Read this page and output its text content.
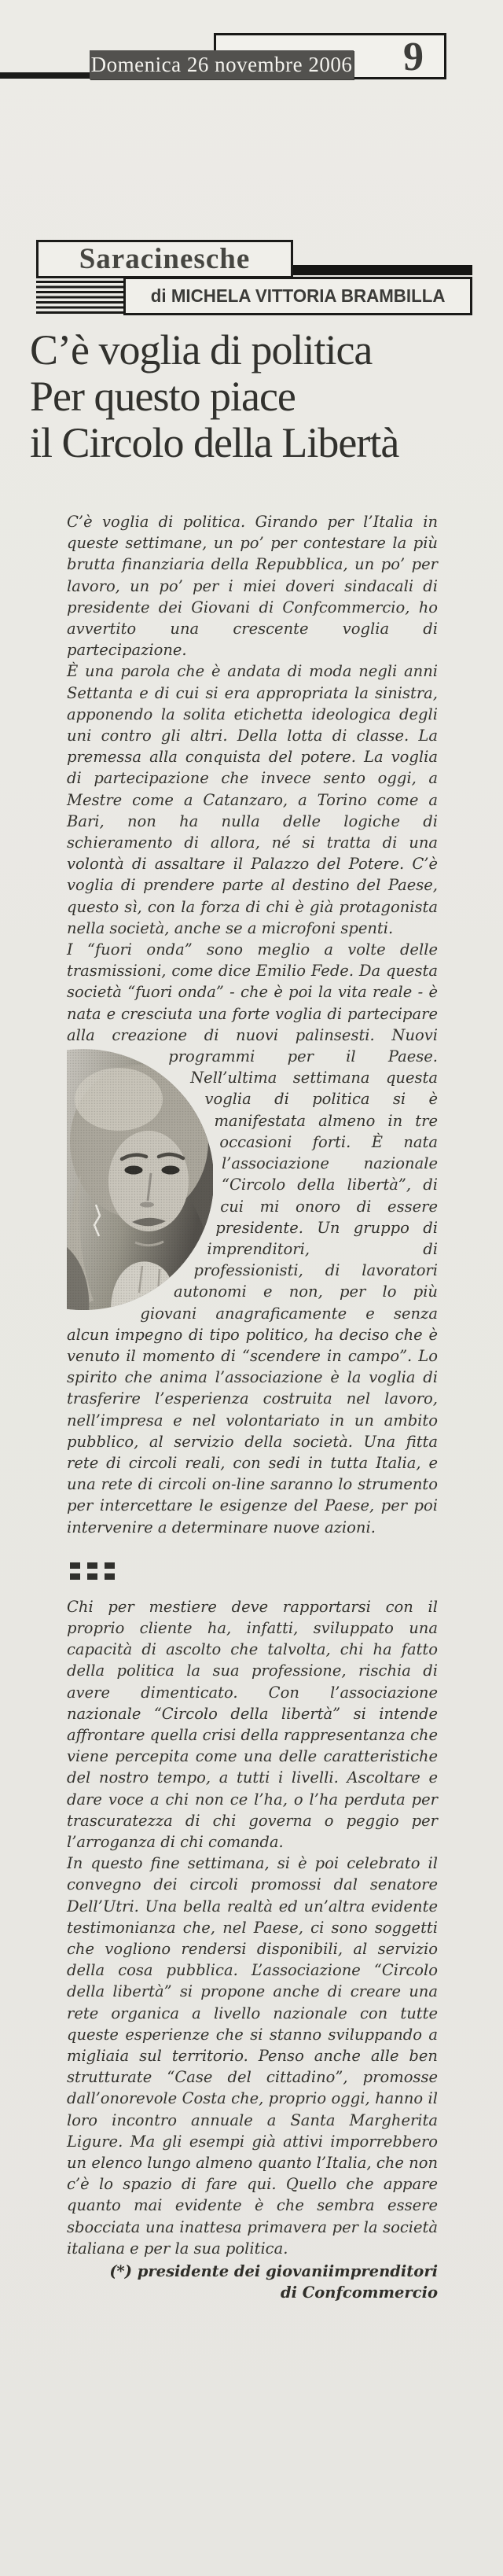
9
Domenica 26 novembre 2006
Saracinesche
di MICHELA VITTORIA BRAMBILLA
C’è voglia di politica
Per questo piace
il Circolo della Libertà

C’è voglia di politica. Girando per l’Italia in queste settimane, un po’ per contestare la più brutta finanziaria della Repubblica, un po’ per lavoro, un po’ per i miei doveri sindacali di presidente dei Giovani di Confcommercio, ho avvertito una crescente voglia di partecipazione.

È una parola che è andata di moda negli anni Settanta e di cui si era appropriata la sinistra, apponendo la solita etichetta ideologica degli uni contro gli altri. Della lotta di classe. La premessa alla conquista del potere. La voglia di partecipazione che invece sento oggi, a Mestre come a Catanzaro, a Torino come a Bari, non ha nulla delle logiche di schieramento di allora, né si tratta di una volontà di assaltare il Palazzo del Potere. C’è voglia di prendere parte al destino del Paese, questo sì, con la forza di chi è già protagonista nella società, anche se a microfoni spenti.

I “fuori onda” sono meglio a volte delle trasmissioni, come dice Emilio Fede. Da questa società “fuori onda” - che è poi la vita reale - è nata e cresciuta una forte voglia di partecipare alla creazione di nuovi palinsesti. Nuovi programmi per il Paese. Nell’ultima settimana questa voglia di politica si è manifestata almeno in tre occasioni forti. È nata l’associazione nazionale “Circolo della libertà”, di cui mi onoro di essere presidente. Un gruppo di imprenditori, di professionisti, di lavoratori autonomi e non, per lo più giovani anagraficamente e senza alcun impegno di tipo politico, ha deciso che è venuto il momento di “scendere in campo”. Lo spirito che anima l’associazione è la voglia di trasferire l’esperienza costruita nel lavoro, nell’impresa e nel volontariato in un ambito pubblico, al servizio della società. Una fitta rete di circoli reali, con sedi in tutta Italia, e una rete di circoli on-line saranno lo strumento per intercettare le esigenze del Paese, per poi intervenire a determinare nuove azioni.

Chi per mestiere deve rapportarsi con il proprio cliente ha, infatti, sviluppato una capacità di ascolto che talvolta, chi ha fatto della politica la sua professione, rischia di avere dimenticato. Con l’associazione nazionale “Circolo della libertà” si intende affrontare quella crisi della rappresentanza che viene percepita come una delle caratteristiche del nostro tempo, a tutti i livelli. Ascoltare e dare voce a chi non ce l’ha, o l’ha perduta per trascuratezza di chi governa o peggio per l’arroganza di chi comanda.

In questo fine settimana, si è poi celebrato il convegno dei circoli promossi dal senatore Dell’Utri. Una bella realtà ed un’altra evidente testimonianza che, nel Paese, ci sono soggetti che vogliono rendersi disponibili, al servizio della cosa pubblica. L’associazione “Circolo della libertà” si propone anche di creare una rete organica a livello nazionale con tutte queste esperienze che si stanno sviluppando a migliaia sul territorio. Penso anche alle ben strutturate “Case del cittadino”, promosse dall’onorevole Costa che, proprio oggi, hanno il loro incontro annuale a Santa Margherita Ligure. Ma gli esempi già attivi imporrebbero un elenco lungo almeno quanto l’Italia, che non c’è lo spazio di fare qui. Quello che appare quanto mai evidente è che sembra essere sbocciata una inattesa primavera per la società italiana e per la sua politica.

(*) presidente dei giovaniimprenditori
di Confcommercio
